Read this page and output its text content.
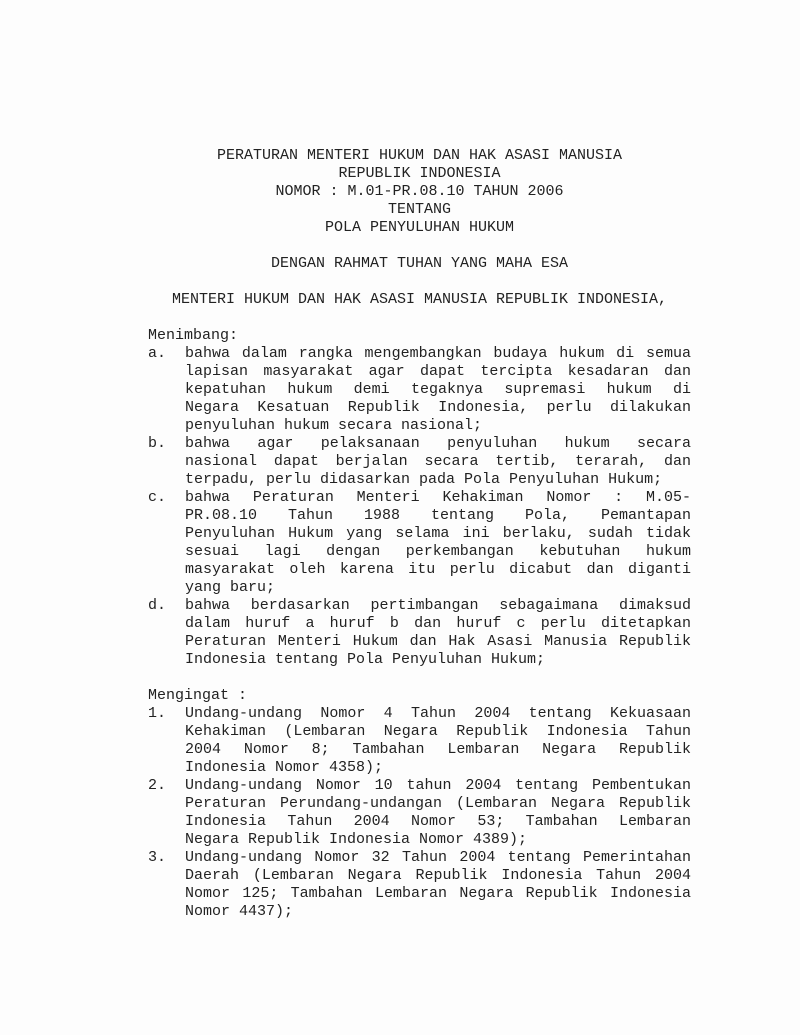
PERATURAN MENTERI HUKUM DAN HAK ASASI MANUSIA
REPUBLIK INDONESIA
NOMOR : M.01-PR.08.10 TAHUN 2006
TENTANG
POLA PENYULUHAN HUKUM
DENGAN RAHMAT TUHAN YANG MAHA ESA
MENTERI HUKUM DAN HAK ASASI MANUSIA REPUBLIK INDONESIA,
Menimbang:
a.	bahwa dalam rangka mengembangkan budaya hukum di semua
lapisan masyarakat agar dapat tercipta kesadaran dan
kepatuhan hukum demi tegaknya supremasi hukum di
Negara Kesatuan Republik Indonesia, perlu dilakukan
penyuluhan hukum secara nasional;
b.	bahwa agar pelaksanaan penyuluhan hukum secara
nasional dapat berjalan secara tertib, terarah, dan
terpadu, perlu didasarkan pada Pola Penyuluhan Hukum;
c.	bahwa Peraturan Menteri Kehakiman Nomor : M.05-
PR.08.10 Tahun 1988 tentang Pola, Pemantapan
Penyuluhan Hukum yang selama ini berlaku, sudah tidak
sesuai lagi dengan perkembangan kebutuhan hukum
masyarakat oleh karena itu perlu dicabut dan diganti
yang baru;
d.	bahwa berdasarkan pertimbangan sebagaimana dimaksud
dalam huruf a huruf b dan huruf c perlu ditetapkan
Peraturan Menteri Hukum dan Hak Asasi Manusia Republik
Indonesia tentang Pola Penyuluhan Hukum;
Mengingat :
1.	Undang-undang Nomor 4 Tahun 2004 tentang Kekuasaan
Kehakiman (Lembaran Negara Republik Indonesia Tahun
2004 Nomor 8; Tambahan Lembaran Negara Republik
Indonesia Nomor 4358);
2.	Undang-undang Nomor 10 tahun 2004 tentang Pembentukan
Peraturan Perundang-undangan (Lembaran Negara Republik
Indonesia Tahun 2004 Nomor 53; Tambahan Lembaran
Negara Republik Indonesia Nomor 4389);
3.	Undang-undang Nomor 32 Tahun 2004 tentang Pemerintahan
Daerah (Lembaran Negara Republik Indonesia Tahun 2004
Nomor 125; Tambahan Lembaran Negara Republik Indonesia
Nomor 4437);
